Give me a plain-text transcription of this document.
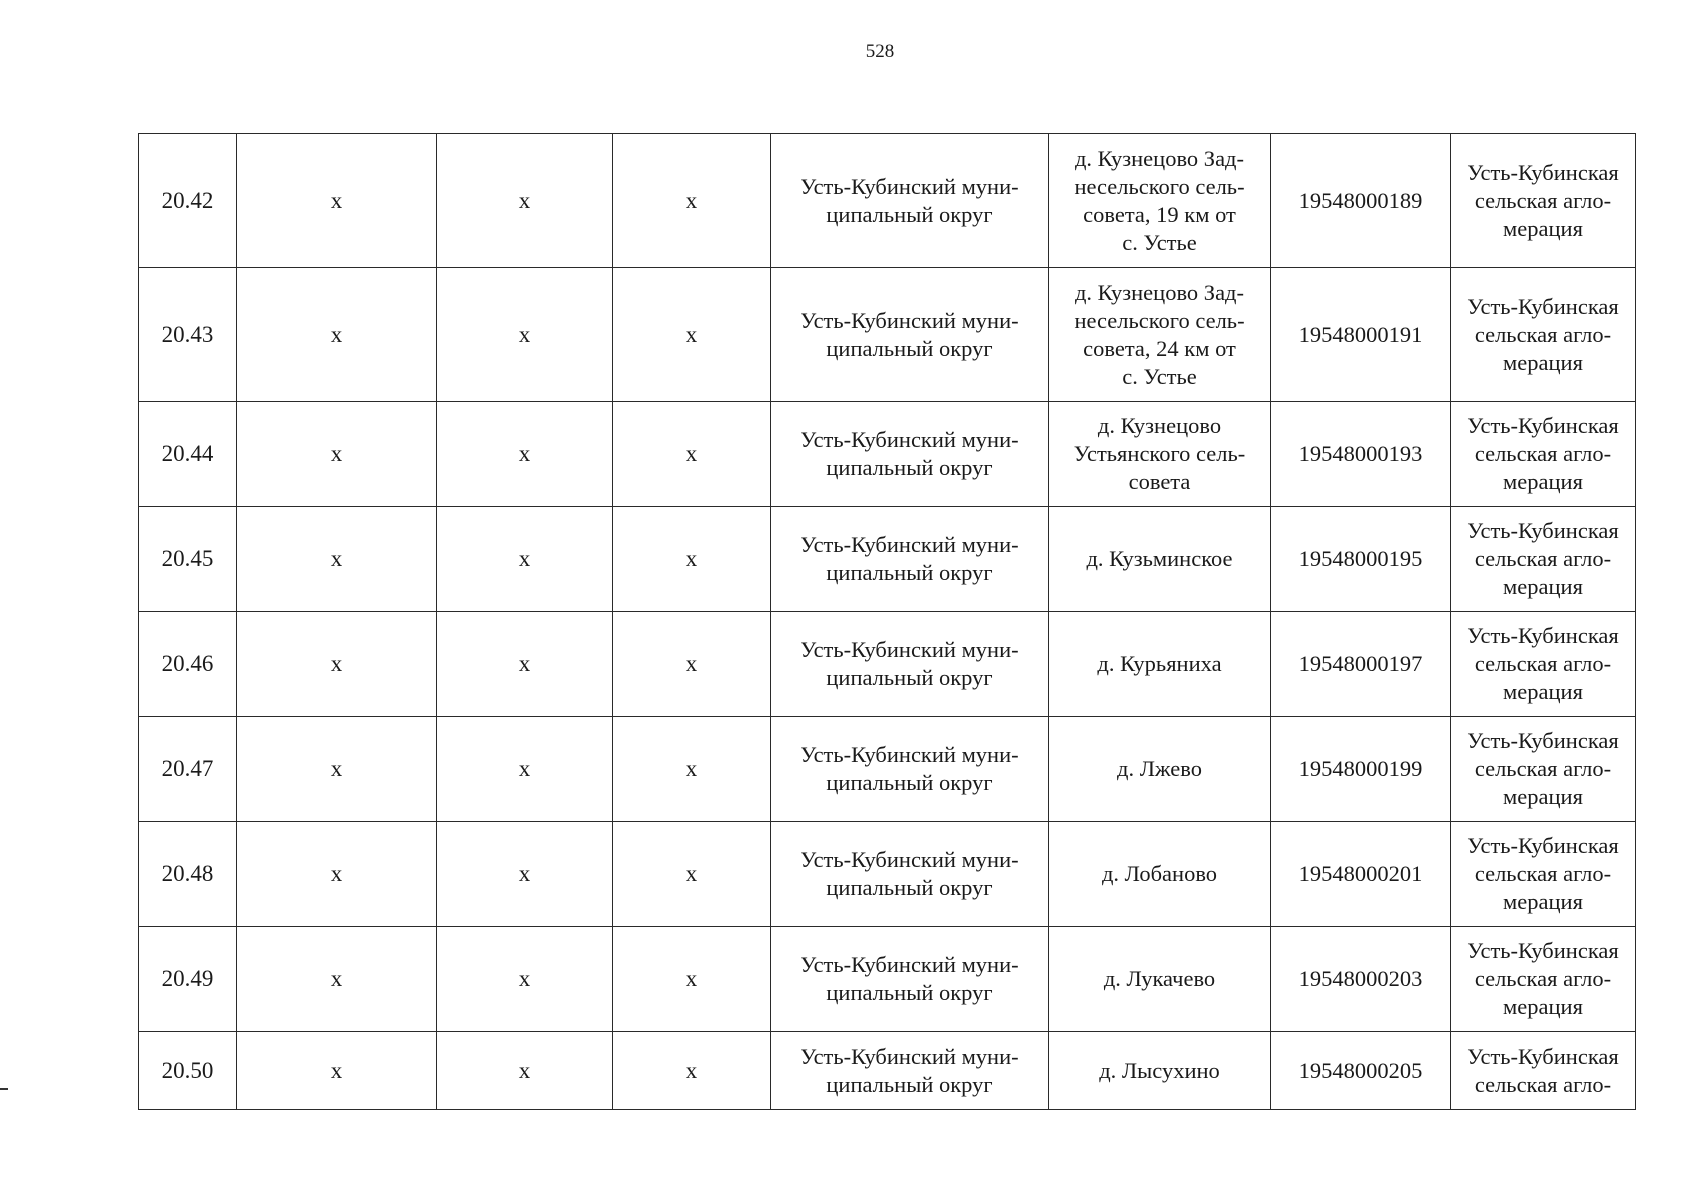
528
20.42	x	x	x	Усть-Кубинский муни-
ципальный округ	д. Кузнецово Зад-
несельского сель-
совета, 19 км от
с. Устье	19548000189	Усть-Кубинская
сельская агло-
мерация
20.43	x	x	x	Усть-Кубинский муни-
ципальный округ	д. Кузнецово Зад-
несельского сель-
совета, 24 км от
с. Устье	19548000191	Усть-Кубинская
сельская агло-
мерация
20.44	x	x	x	Усть-Кубинский муни-
ципальный округ	д. Кузнецово
Устьянского сель-
совета	19548000193	Усть-Кубинская
сельская агло-
мерация
20.45	x	x	x	Усть-Кубинский муни-
ципальный округ	д. Кузьминское	19548000195	Усть-Кубинская
сельская агло-
мерация
20.46	x	x	x	Усть-Кубинский муни-
ципальный округ	д. Курьяниха	19548000197	Усть-Кубинская
сельская агло-
мерация
20.47	x	x	x	Усть-Кубинский муни-
ципальный округ	д. Лжево	19548000199	Усть-Кубинская
сельская агло-
мерация
20.48	x	x	x	Усть-Кубинский муни-
ципальный округ	д. Лобаново	19548000201	Усть-Кубинская
сельская агло-
мерация
20.49	x	x	x	Усть-Кубинский муни-
ципальный округ	д. Лукачево	19548000203	Усть-Кубинская
сельская агло-
мерация
20.50	x	x	x	Усть-Кубинский муни-
ципальный округ	д. Лысухино	19548000205	Усть-Кубинская
сельская агло-
